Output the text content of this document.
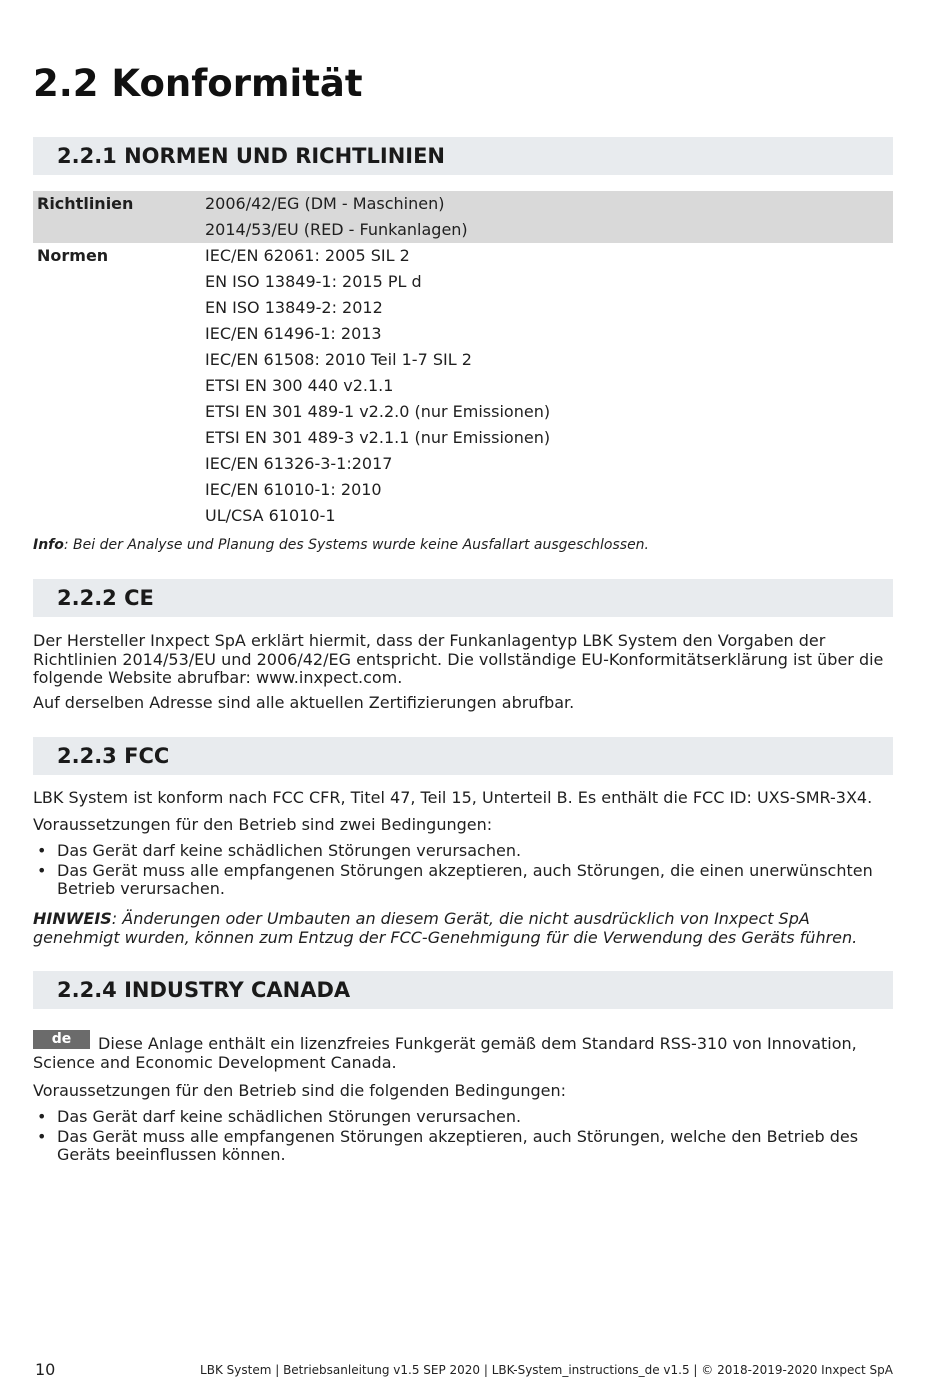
2.2 Konformität
2.2.1 NORMEN UND RICHTLINIEN
Richtlinien	2006/42/EG (DM - Maschinen)
2014/53/EU (RED - Funkanlagen)
Normen	IEC/EN 62061: 2005 SIL 2
EN ISO 13849-1: 2015 PL d
EN ISO 13849-2: 2012
IEC/EN 61496-1: 2013
IEC/EN 61508: 2010 Teil 1-7 SIL 2
ETSI EN 300 440 v2.1.1
ETSI EN 301 489-1 v2.2.0 (nur Emissionen)
ETSI EN 301 489-3 v2.1.1 (nur Emissionen)
IEC/EN 61326-3-1:2017
IEC/EN 61010-1: 2010
UL/CSA 61010-1

Info: Bei der Analyse und Planung des Systems wurde keine Ausfallart ausgeschlossen.

2.2.2 CE

Der Hersteller Inxpect SpA erklärt hiermit, dass der Funkanlagentyp LBK System den Vorgaben der Richtlinien 2014/53/EU und 2006/42/EG entspricht. Die vollständige EU-Konformitätserklärung ist über die folgende Website abrufbar: www.inxpect.com.

Auf derselben Adresse sind alle aktuellen Zertifizierungen abrufbar.

2.2.3 FCC

LBK System ist konform nach FCC CFR, Titel 47, Teil 15, Unterteil B. Es enthält die FCC ID: UXS-SMR-3X4.

Voraussetzungen für den Betrieb sind zwei Bedingungen:

• Das Gerät darf keine schädlichen Störungen verursachen.
• Das Gerät muss alle empfangenen Störungen akzeptieren, auch Störungen, die einen unerwünschten Betrieb verursachen.

HINWEIS: Änderungen oder Umbauten an diesem Gerät, die nicht ausdrücklich von Inxpect SpA genehmigt wurden, können zum Entzug der FCC-Genehmigung für die Verwendung des Geräts führen.

2.2.4 INDUSTRY CANADA

de Diese Anlage enthält ein lizenzfreies Funkgerät gemäß dem Standard RSS-310 von Innovation, Science and Economic Development Canada.

Voraussetzungen für den Betrieb sind die folgenden Bedingungen:

• Das Gerät darf keine schädlichen Störungen verursachen.
• Das Gerät muss alle empfangenen Störungen akzeptieren, auch Störungen, welche den Betrieb des Geräts beeinflussen können.

10	LBK System | Betriebsanleitung v1.5 SEP 2020 | LBK-System_instructions_de v1.5 | © 2018-2019-2020 Inxpect SpA
